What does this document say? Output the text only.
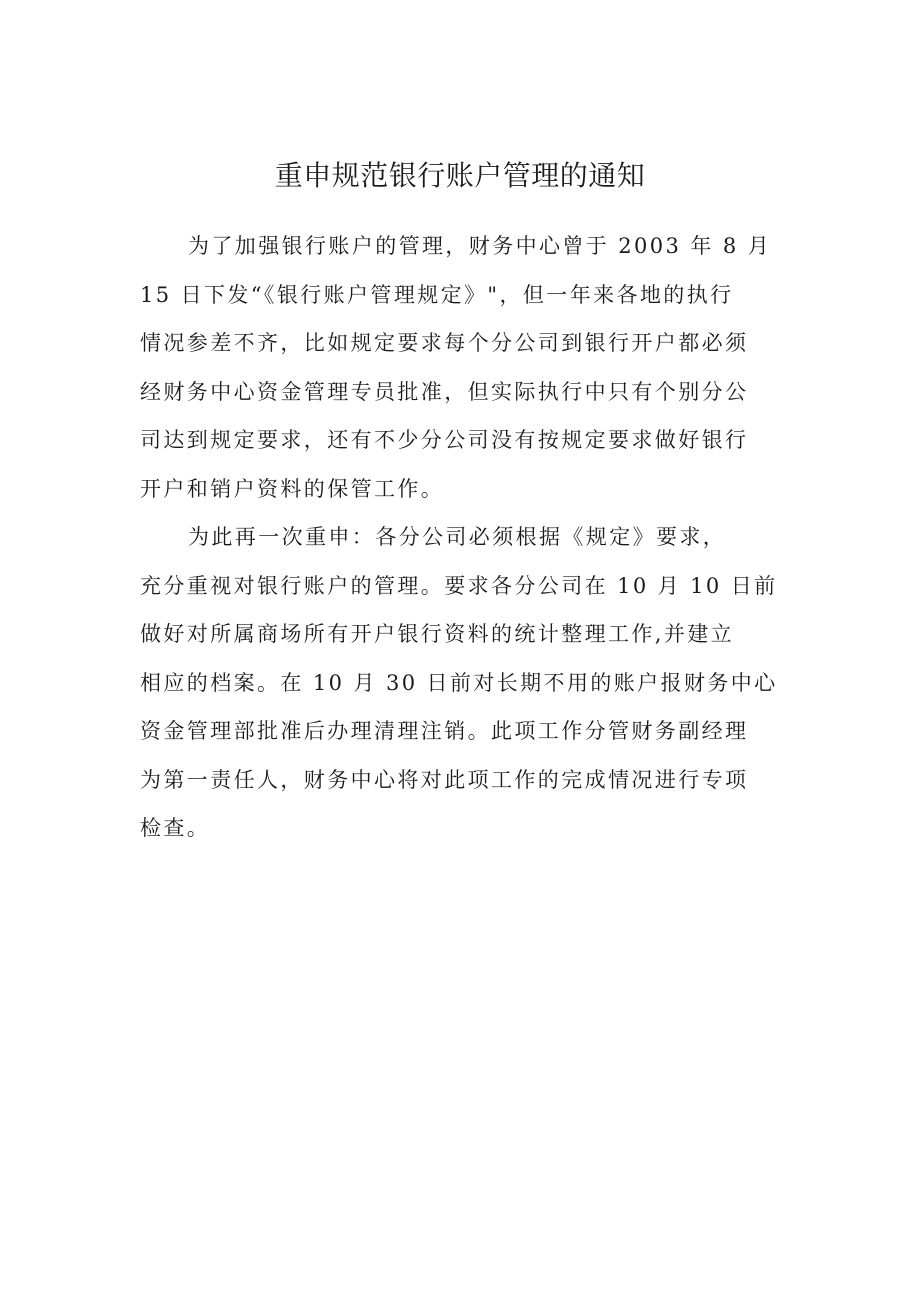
重申规范银行账户管理的通知

为了加强银行账户的管理，财务中心曾于 2003 年 8 月
15 日下发“《银行账户管理规定》"，但一年来各地的执行
情况参差不齐，比如规定要求每个分公司到银行开户都必须
经财务中心资金管理专员批准，但实际执行中只有个别分公
司达到规定要求，还有不少分公司没有按规定要求做好银行
开户和销户资料的保管工作。

为此再一次重申：各分公司必须根据《规定》要求，
充分重视对银行账户的管理。要求各分公司在 10 月 10 日前
做好对所属商场所有开户银行资料的统计整理工作,并建立
相应的档案。在 10 月 30 日前对长期不用的账户报财务中心
资金管理部批准后办理清理注销。此项工作分管财务副经理
为第一责任人，财务中心将对此项工作的完成情况进行专项
检查。
